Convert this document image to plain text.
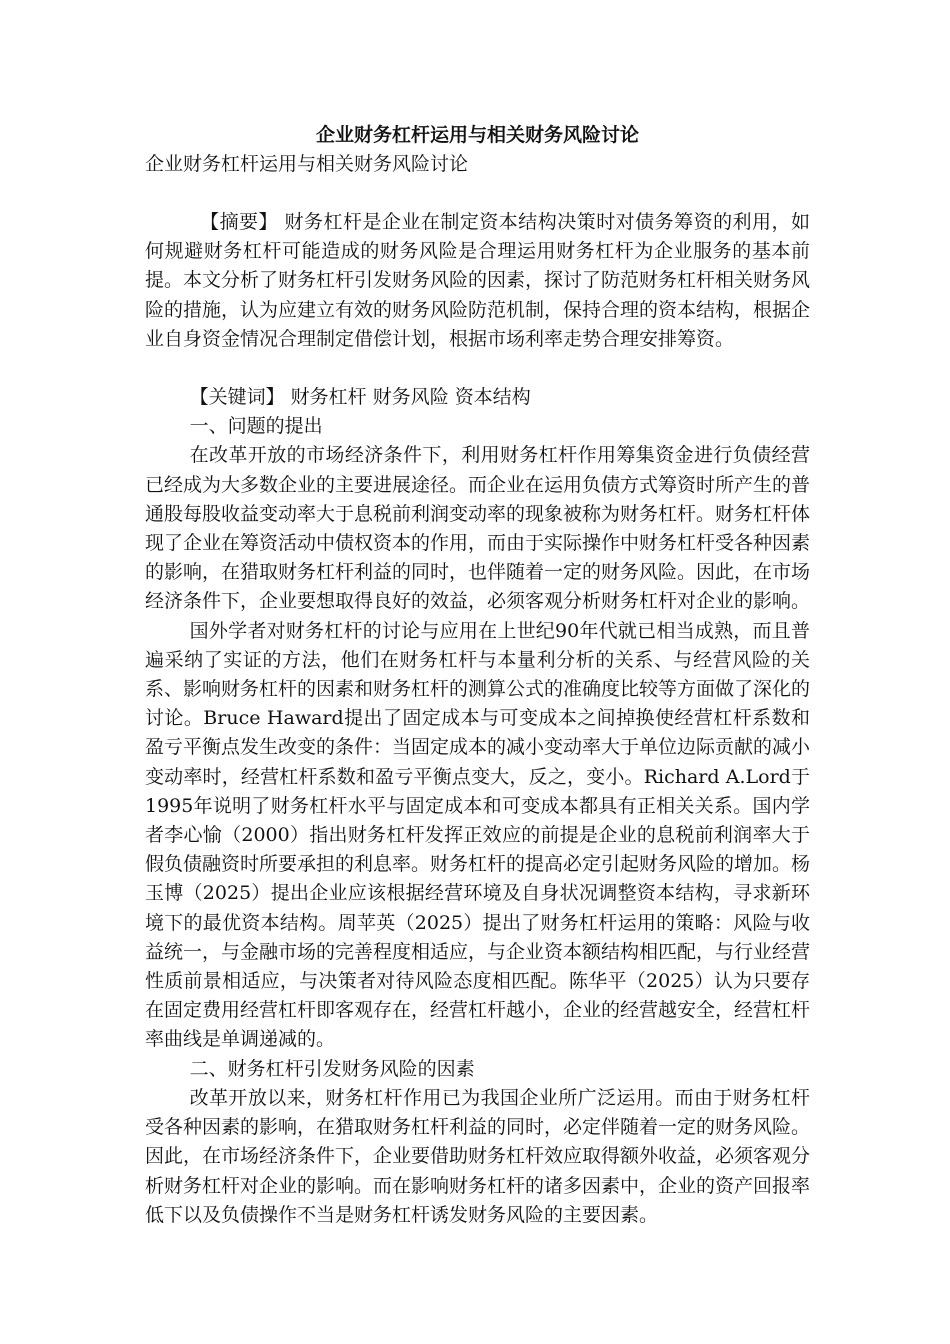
企业财务杠杆运用与相关财务风险讨论

企业财务杠杆运用与相关财务风险讨论

【摘要】 财务杠杆是企业在制定资本结构决策时对债务筹资的利用，如何规避财务杠杆可能造成的财务风险是合理运用财务杠杆为企业服务的基本前提。本文分析了财务杠杆引发财务风险的因素，探讨了防范财务杠杆相关财务风险的措施，认为应建立有效的财务风险防范机制，保持合理的资本结构，根据企业自身资金情况合理制定借偿计划，根据市场利率走势合理安排筹资。

【关键词】 财务杠杆 财务风险 资本结构

一、问题的提出

在改革开放的市场经济条件下，利用财务杠杆作用筹集资金进行负债经营已经成为大多数企业的主要进展途径。而企业在运用负债方式筹资时所产生的普通股每股收益变动率大于息税前利润变动率的现象被称为财务杠杆。财务杠杆体现了企业在筹资活动中债权资本的作用，而由于实际操作中财务杠杆受各种因素的影响，在猎取财务杠杆利益的同时，也伴随着一定的财务风险。因此，在市场经济条件下，企业要想取得良好的效益，必须客观分析财务杠杆对企业的影响。

国外学者对财务杠杆的讨论与应用在上世纪90年代就已相当成熟，而且普遍采纳了实证的方法，他们在财务杠杆与本量利分析的关系、与经营风险的关系、影响财务杠杆的因素和财务杠杆的测算公式的准确度比较等方面做了深化的讨论。Bruce Haward提出了固定成本与可变成本之间掉换使经营杠杆系数和盈亏平衡点发生改变的条件：当固定成本的减小变动率大于单位边际贡献的减小变动率时，经营杠杆系数和盈亏平衡点变大，反之，变小。Richard A.Lord于1995年说明了财务杠杆水平与固定成本和可变成本都具有正相关关系。国内学者李心愉（2000）指出财务杠杆发挥正效应的前提是企业的息税前利润率大于假负债融资时所要承担的利息率。财务杠杆的提高必定引起财务风险的增加。杨玉博（2025）提出企业应该根据经营环境及自身状况调整资本结构，寻求新环境下的最优资本结构。周苹英（2025）提出了财务杠杆运用的策略：风险与收益统一，与金融市场的完善程度相适应，与企业资本额结构相匹配，与行业经营性质前景相适应，与决策者对待风险态度相匹配。陈华平（2025）认为只要存在固定费用经营杠杆即客观存在，经营杠杆越小，企业的经营越安全，经营杠杆率曲线是单调递减的。

二、财务杠杆引发财务风险的因素

改革开放以来，财务杠杆作用已为我国企业所广泛运用。而由于财务杠杆受各种因素的影响，在猎取财务杠杆利益的同时，必定伴随着一定的财务风险。因此，在市场经济条件下，企业要借助财务杠杆效应取得额外收益，必须客观分析财务杠杆对企业的影响。而在影响财务杠杆的诸多因素中，企业的资产回报率低下以及负债操作不当是财务杠杆诱发财务风险的主要因素。
